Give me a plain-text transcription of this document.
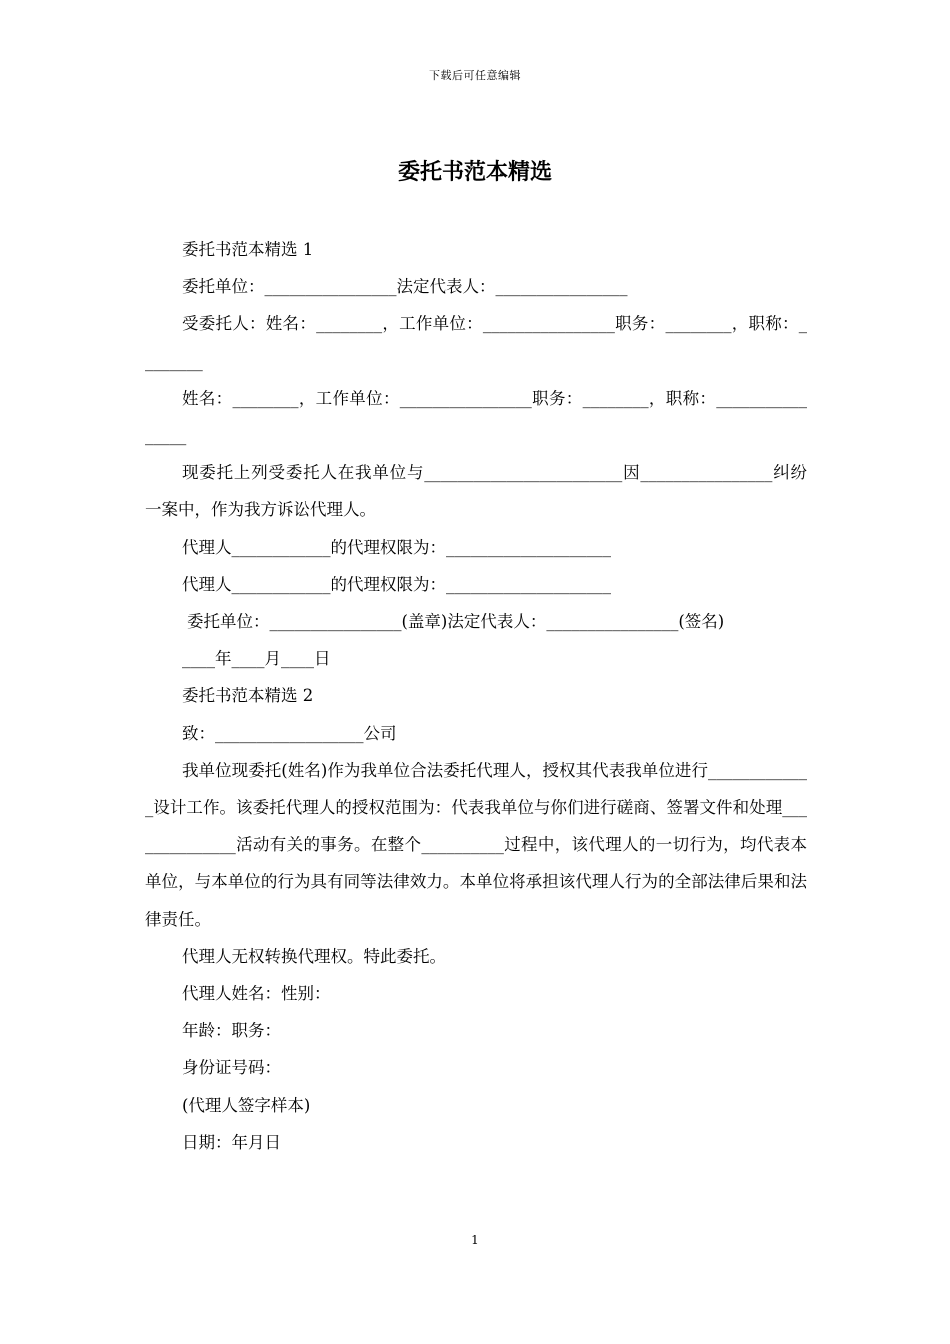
下载后可任意编辑
委托书范本精选

委托书范本精选 1

委托单位：________________法定代表人：________________

受委托人：姓名：________，工作单位：________________职务：________，职称：________

姓名：________，工作单位：________________职务：________，职称：________________

现委托上列受委托人在我单位与________________________因________________纠纷一案中，作为我方诉讼代理人。

代理人____________的代理权限为：____________________

代理人____________的代理权限为：____________________

委托单位：________________(盖章)法定代表人：________________(签名)

____年____月____日

委托书范本精选 2

致：__________________公司

我单位现委托(姓名)作为我单位合法委托代理人，授权其代表我单位进行_____________设计工作。该委托代理人的授权范围为：代表我单位与你们进行磋商、签署文件和处理______________活动有关的事务。在整个__________过程中，该代理人的一切行为，均代表本单位，与本单位的行为具有同等法律效力。本单位将承担该代理人行为的全部法律后果和法律责任。

代理人无权转换代理权。特此委托。

代理人姓名：性别：

年龄：职务：

身份证号码：

(代理人签字样本)

日期：年月日

1
